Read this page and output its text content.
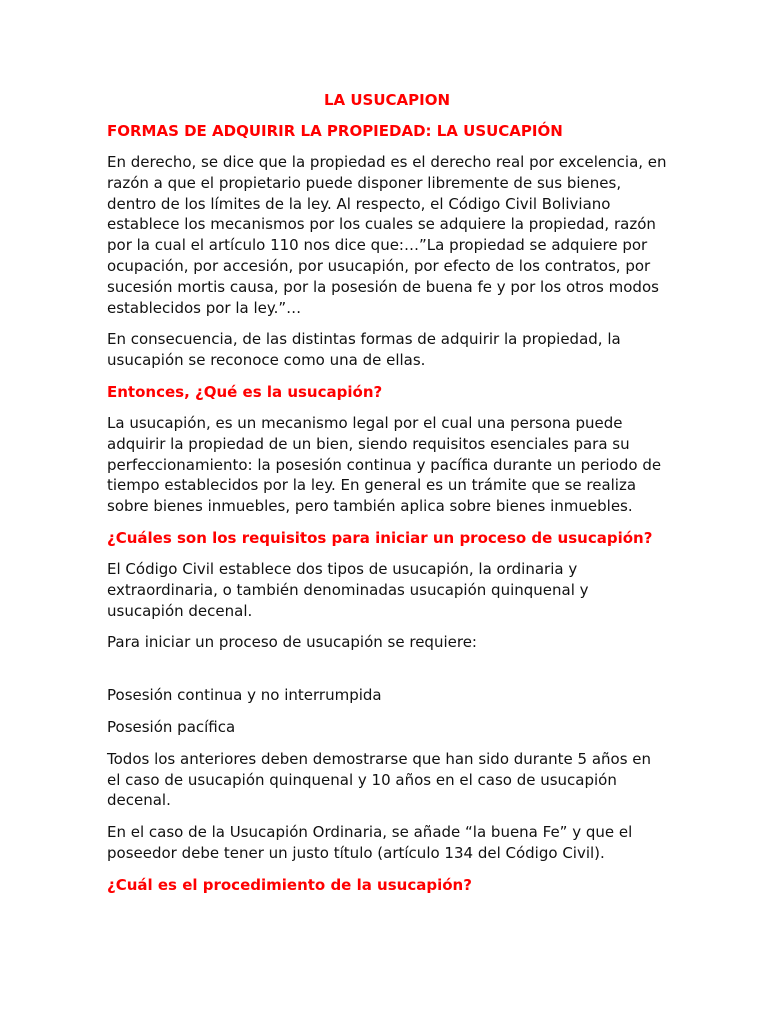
LA USUCAPION
FORMAS DE ADQUIRIR LA PROPIEDAD: LA USUCAPIÓN
En derecho, se dice que la propiedad es el derecho real por excelencia, en razón a que el propietario puede disponer libremente de sus bienes, dentro de los límites de la ley. Al respecto, el Código Civil Boliviano establece los mecanismos por los cuales se adquiere la propiedad, razón por la cual el artículo 110 nos dice que:…”La propiedad se adquiere por ocupación, por accesión, por usucapión, por efecto de los contratos, por sucesión mortis causa, por la posesión de buena fe y por los otros modos establecidos por la ley.”…
En consecuencia, de las distintas formas de adquirir la propiedad, la usucapión se reconoce como una de ellas.
Entonces, ¿Qué es la usucapión?
La usucapión, es un mecanismo legal por el cual una persona puede adquirir la propiedad de un bien, siendo requisitos esenciales para su perfeccionamiento: la posesión continua y pacífica durante un periodo de tiempo establecidos por la ley. En general es un trámite que se realiza sobre bienes inmuebles, pero también aplica sobre bienes inmuebles.
¿Cuáles son los requisitos para iniciar un proceso de usucapión?
El Código Civil establece dos tipos de usucapión, la ordinaria y extraordinaria, o también denominadas usucapión quinquenal y usucapión decenal.
Para iniciar un proceso de usucapión se requiere:
Posesión continua y no interrumpida
Posesión pacífica
Todos los anteriores deben demostrarse que han sido durante 5 años en el caso de usucapión quinquenal y 10 años en el caso de usucapión decenal.
En el caso de la Usucapión Ordinaria, se añade “la buena Fe” y que el poseedor debe tener un justo título (artículo 134 del Código Civil).
¿Cuál es el procedimiento de la usucapión?
